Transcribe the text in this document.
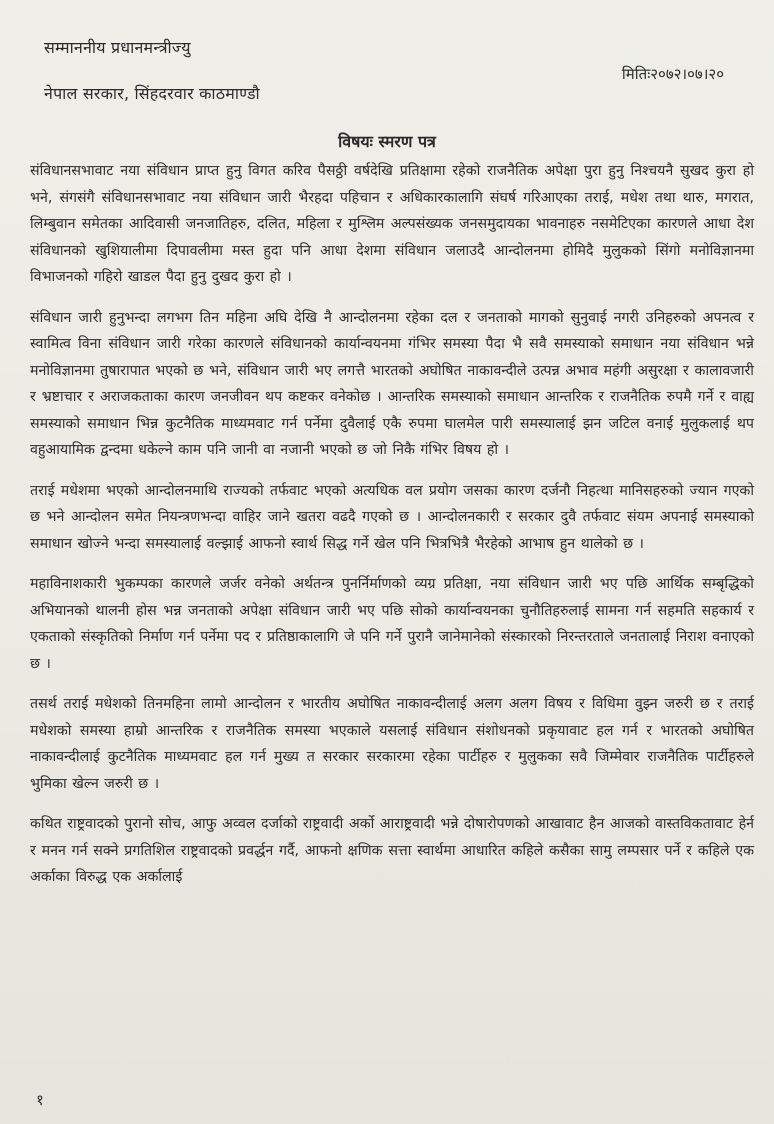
सम्माननीय प्रधानमन्त्रीज्यु
मितिः२०७२।०७।२०
नेपाल सरकार, सिंहदरवार काठमाण्डौ
विषयः स्मरण पत्र

संविधानसभावाट नया संविधान प्राप्त हुनु विगत करिव पैसठ्ठी वर्षदेखि प्रतिक्षामा रहेको राजनैतिक अपेक्षा पुरा हुनु निश्चयनै सुखद कुरा हो भने, संगसंगै संविधानसभावाट नया संविधान जारी भैरहदा पहिचान र अधिकारकालागि संघर्ष गरिआएका तराई, मधेश तथा थारु, मगरात, लिम्बुवान समेतका आदिवासी जनजातिहरु, दलित, महिला र मुश्लिम अल्पसंख्यक जनसमुदायका भावनाहरु नसमेटिएका कारणले आधा देश संविधानको खुशियालीमा दिपावलीमा मस्त हुदा पनि आधा देशमा संविधान जलाउदै आन्दोलनमा होमिदै मुलुकको सिंगो मनोविज्ञानमा विभाजनको गहिरो खाडल पैदा हुनु दुखद कुरा हो ।

संविधान जारी हुनुभन्दा लगभग तिन महिना अघि देखि नै आन्दोलनमा रहेका दल र जनताको मागको सुनुवाई नगरी उनिहरुको अपनत्व र स्वामित्व विना संविधान जारी गरेका कारणले संविधानको कार्यान्वयनमा गंभिर समस्या पैदा भै सवै समस्याको समाधान नया संविधान भन्ने मनोविज्ञानमा तुषारापात भएको छ भने, संविधान जारी भए लगत्तै भारतको अघोषित नाकावन्दीले उत्पन्न अभाव महंगी असुरक्षा र कालावजारी र भ्रष्टाचार र अराजकताका कारण जनजीवन थप कष्टकर वनेकोछ । आन्तरिक समस्याको समाधान आन्तरिक र राजनैतिक रुपमै गर्ने र वाह्य समस्याको समाधान भिन्न कुटनैतिक माध्यमवाट गर्न पर्नेमा दुवैलाई एकै रुपमा घालमेल पारी समस्यालाई झन जटिल वनाई मुलुकलाई थप वहुआयामिक द्वन्दमा धकेल्ने काम पनि जानी वा नजानी भएको छ जो निकै गंभिर विषय हो ।

तराई मधेशमा भएको आन्दोलनमाथि राज्यको तर्फवाट भएको अत्यधिक वल प्रयोग जसका कारण दर्जनौ निहत्था मानिसहरुको ज्यान गएको छ भने आन्दोलन समेत नियन्त्रणभन्दा वाहिर जाने खतरा वढदै गएको छ । आन्दोलनकारी र सरकार दुवै तर्फवाट संयम अपनाई समस्याको समाधान खोज्ने भन्दा समस्यालाई वल्झाई आफनो स्वार्थ सिद्ध गर्ने खेल पनि भित्रभित्रै भैरहेको आभाष हुन थालेको छ ।

महाविनाशकारी भुकम्पका कारणले जर्जर वनेको अर्थतन्त्र पुनर्निर्माणको व्यग्र प्रतिक्षा, नया संविधान जारी भए पछि आर्थिक सम्बृद्धिको अभियानको थालनी होस भन्न जनताको अपेक्षा संविधान जारी भए पछि सोको कार्यान्वयनका चुनौतिहरुलाई सामना गर्न सहमति सहकार्य र एकताको संस्कृतिको निर्माण गर्न पर्नेमा पद र प्रतिष्ठाकालागि जे पनि गर्ने पुरानै जानेमानेको संस्कारको निरन्तरताले जनतालाई निराश वनाएको छ ।

तसर्थ तराई मधेशको तिनमहिना लामो आन्दोलन र भारतीय अघोषित नाकावन्दीलाई अलग अलग विषय र विधिमा वुझ्न जरुरी छ र तराई मधेशको समस्या हाम्रो आन्तरिक र राजनैतिक समस्या भएकाले यसलाई संविधान संशोधनको प्रकृयावाट हल गर्न र भारतको अघोषित नाकावन्दीलाई कुटनैतिक माध्यमवाट हल गर्न मुख्य त सरकार सरकारमा रहेका पार्टीहरु र मुलुकका सवै जिम्मेवार राजनैतिक पार्टीहरुले भुमिका खेल्न जरुरी छ ।

कथित राष्ट्रवादको पुरानो सोच, आफु अव्वल दर्जाको राष्ट्रवादी अर्को आराष्ट्रवादी भन्ने दोषारोपणको आखावाट हैन आजको वास्तविकतावाट हेर्न र मनन गर्न सक्ने प्रगतिशिल राष्ट्रवादको प्रवर्द्धन गर्दै, आफनो क्षणिक सत्ता स्वार्थमा आधारित कहिले कसैका सामु लम्पसार पर्ने र कहिले एक अर्काका विरुद्ध एक अर्कालाई

१
